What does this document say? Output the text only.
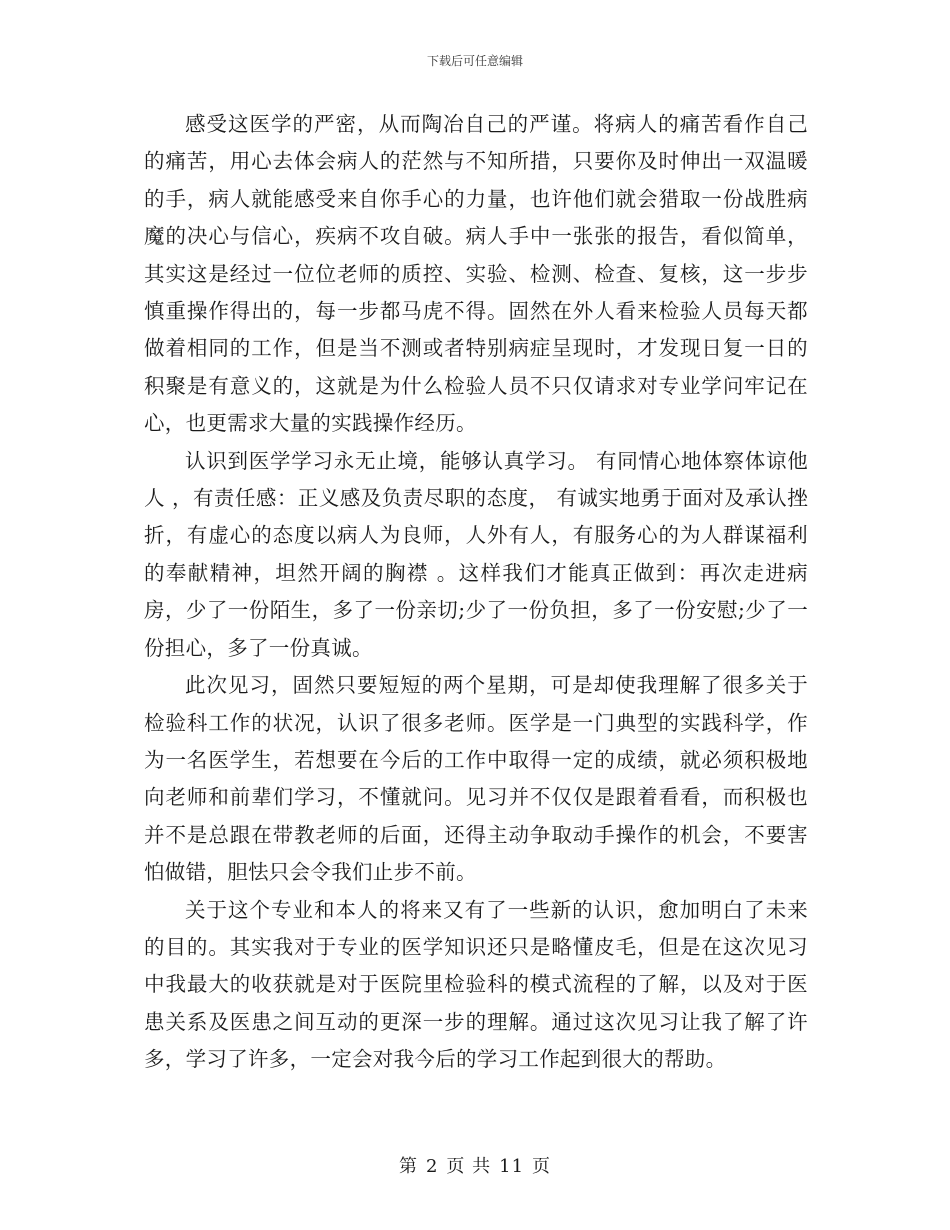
下载后可任意编辑

感受这医学的严密，从而陶冶自己的严谨。将病人的痛苦看作自己的痛苦，用心去体会病人的茫然与不知所措，只要你及时伸出一双温暖的手，病人就能感受来自你手心的力量，也许他们就会猎取一份战胜病魔的决心与信心，疾病不攻自破。病人手中一张张的报告，看似简单，其实这是经过一位位老师的质控、实验、检测、检查、复核，这一步步慎重操作得出的，每一步都马虎不得。固然在外人看来检验人员每天都做着相同的工作，但是当不测或者特别病症呈现时，才发现日复一日的积聚是有意义的，这就是为什么检验人员不只仅请求对专业学问牢记在心，也更需求大量的实践操作经历。

认识到医学学习永无止境，能够认真学习。 有同情心地体察体谅他人 ，有责任感：正义感及负责尽职的态度， 有诚实地勇于面对及承认挫折，有虚心的态度以病人为良师，人外有人，有服务心的为人群谋福利的奉献精神，坦然开阔的胸襟 。这样我们才能真正做到：再次走进病房，少了一份陌生，多了一份亲切;少了一份负担，多了一份安慰;少了一份担心，多了一份真诚。

此次见习，固然只要短短的两个星期，可是却使我理解了很多关于检验科工作的状况，认识了很多老师。医学是一门典型的实践科学，作为一名医学生，若想要在今后的工作中取得一定的成绩，就必须积极地向老师和前辈们学习，不懂就问。见习并不仅仅是跟着看看，而积极也并不是总跟在带教老师的后面，还得主动争取动手操作的机会，不要害怕做错，胆怯只会令我们止步不前。

关于这个专业和本人的将来又有了一些新的认识，愈加明白了未来的目的。其实我对于专业的医学知识还只是略懂皮毛，但是在这次见习中我最大的收获就是对于医院里检验科的模式流程的了解，以及对于医患关系及医患之间互动的更深一步的理解。通过这次见习让我了解了许多，学习了许多，一定会对我今后的学习工作起到很大的帮助。

第 2 页 共 11 页
